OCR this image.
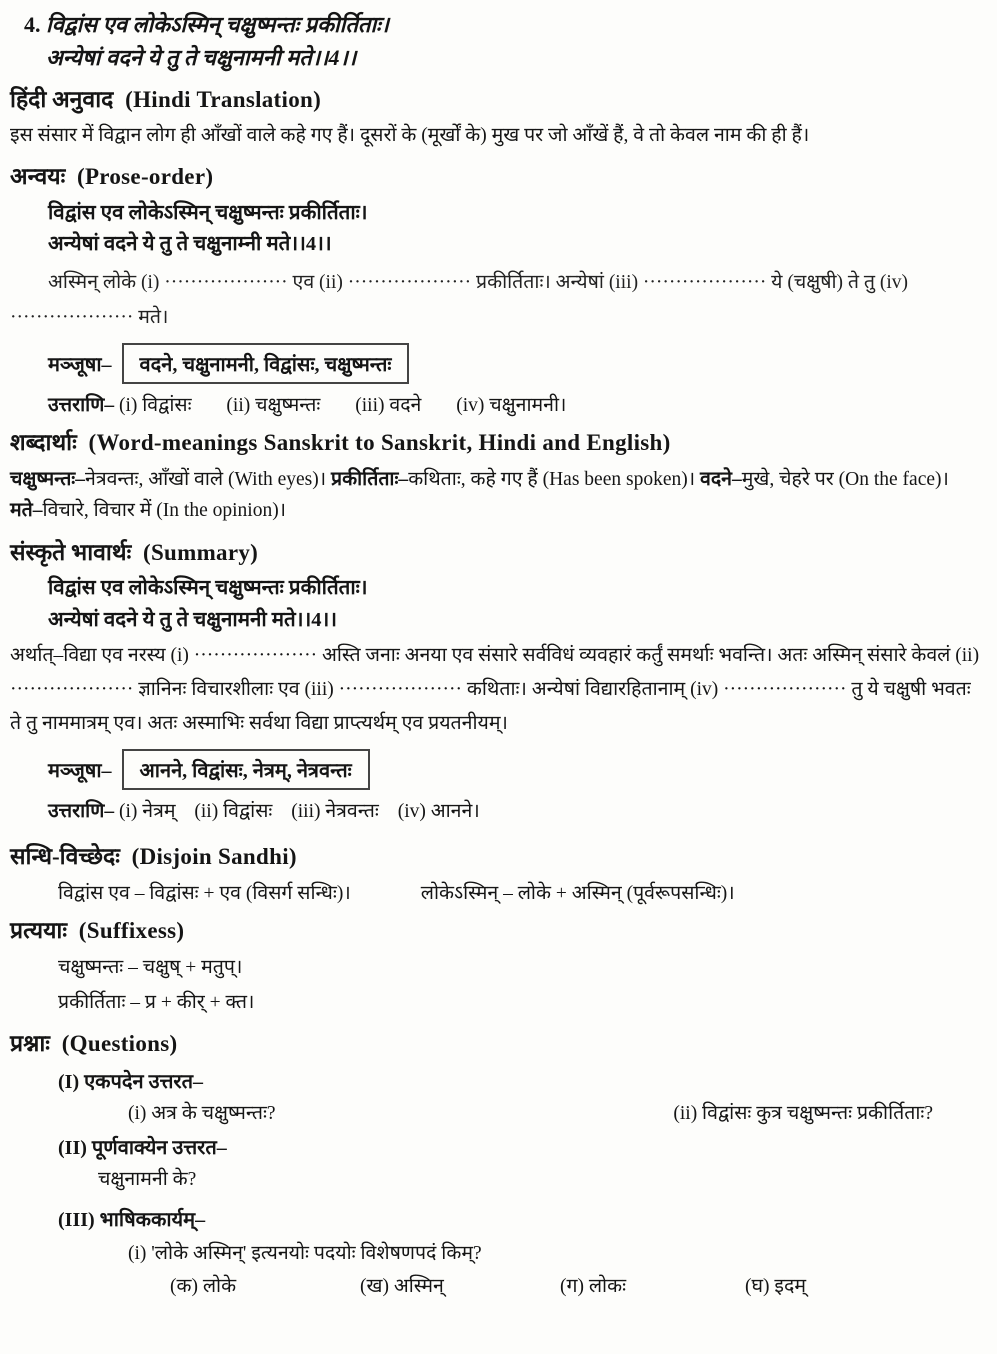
4. विद्वांस एव लोकेऽस्मिन् चक्षुष्मन्तः प्रकीर्तिताः।
अन्येषां वदने ये तु ते चक्षुनामनी मते।।4।।
हिंदी अनुवाद (Hindi Translation)
इस संसार में विद्वान लोग ही आँखों वाले कहे गए हैं। दूसरों के (मूर्खों के) मुख पर जो आँखें हैं, वे तो केवल नाम की ही हैं।
अन्वयः (Prose-order)
विद्वांस एव लोकेऽस्मिन् चक्षुष्मन्तः प्रकीर्तिताः।
अन्येषां वदने ये तु ते चक्षुनाम्नी मते।।4।।
अस्मिन् लोके (i) ··················· एव (ii) ··················· प्रकीर्तिताः। अन्येषां (iii) ··················· ये (चक्षुषी) ते तु (iv) ··················· मते।
मञ्जूषा–	वदने, चक्षुनामनी, विद्वांसः, चक्षुष्मन्तः
उत्तराणि– (i) विद्वांसः (ii) चक्षुष्मन्तः (iii) वदने (iv) चक्षुनामनी।
शब्दार्थाः (Word-meanings Sanskrit to Sanskrit, Hindi and English)
चक्षुष्मन्तः–नेत्रवन्तः, आँखों वाले (With eyes)। प्रकीर्तिताः–कथिताः, कहे गए हैं (Has been spoken)। वदने–मुखे, चेहरे पर (On the face)। मते–विचारे, विचार में (In the opinion)।
संस्कृते भावार्थः (Summary)
विद्वांस एव लोकेऽस्मिन् चक्षुष्मन्तः प्रकीर्तिताः।
अन्येषां वदने ये तु ते चक्षुनामनी मते।।4।।
अर्थात्–विद्या एव नरस्य (i) ··················· अस्ति जनाः अनया एव संसारे सर्वविधं व्यवहारं कर्तुं समर्थाः भवन्ति। अतः अस्मिन् संसारे केवलं (ii) ··················· ज्ञानिनः विचारशीलाः एव (iii) ··················· कथिताः। अन्येषां विद्यारहितानाम् (iv) ··················· तु ये चक्षुषी भवतः ते तु नाममात्रम् एव। अतः अस्माभिः सर्वथा विद्या प्राप्त्यर्थम् एव प्रयतनीयम्।
मञ्जूषा–	आनने, विद्वांसः, नेत्रम्, नेत्रवन्तः
उत्तराणि– (i) नेत्रम् (ii) विद्वांसः (iii) नेत्रवन्तः (iv) आनने।
सन्धि-विच्छेदः (Disjoin Sandhi)
विद्वांस एव – विद्वांसः + एव (विसर्ग सन्धिः)।	लोकेऽस्मिन् – लोके + अस्मिन् (पूर्वरूपसन्धिः)।
प्रत्ययाः (Suffixess)
चक्षुष्मन्तः – चक्षुष् + मतुप्।
प्रकीर्तिताः – प्र + कीर् + क्त।
प्रश्नाः (Questions)
(I) एकपदेन उत्तरत–
(i) अत्र के चक्षुष्मन्तः?	(ii) विद्वांसः कुत्र चक्षुष्मन्तः प्रकीर्तिताः?
(II) पूर्णवाक्येन उत्तरत–
चक्षुनामनी के?
(III) भाषिककार्यम्–
(i) 'लोके अस्मिन्' इत्यनयोः पदयोः विशेषणपदं किम्?
(क) लोके	(ख) अस्मिन्	(ग) लोकः	(घ) इदम्
